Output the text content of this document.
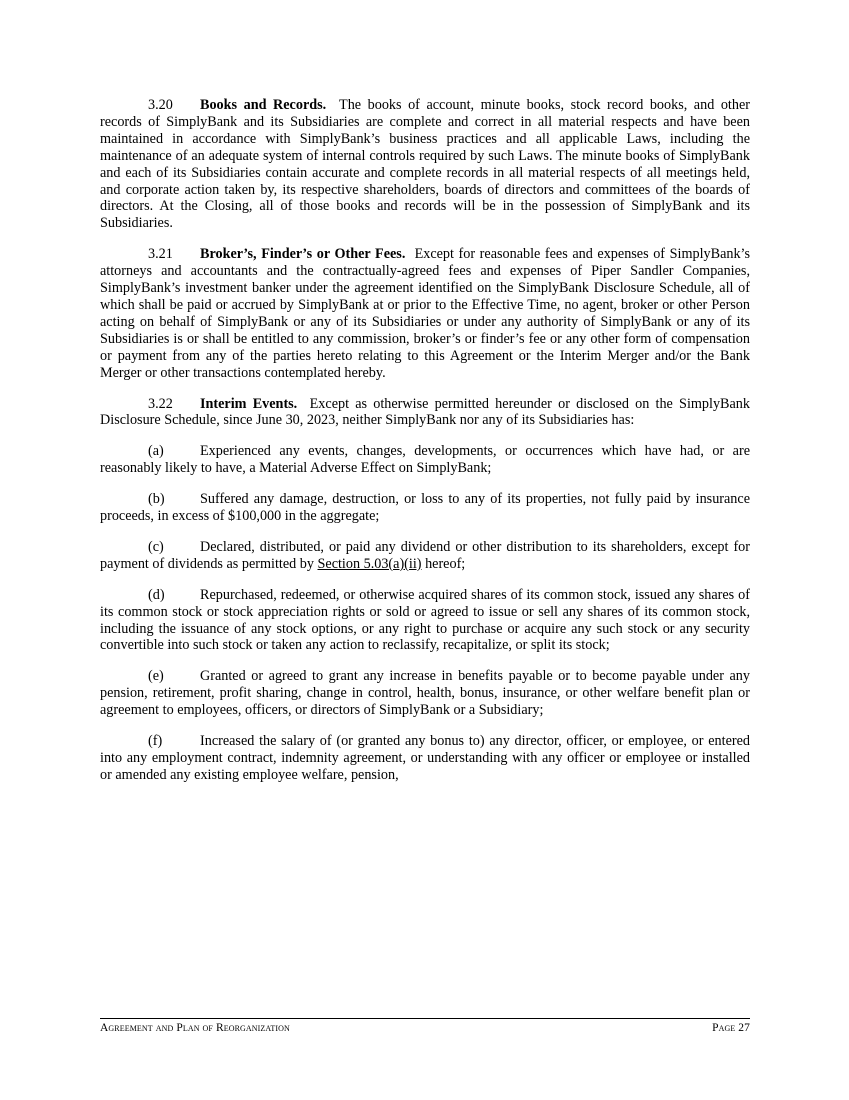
3.20 Books and Records. The books of account, minute books, stock record books, and other records of SimplyBank and its Subsidiaries are complete and correct in all material respects and have been maintained in accordance with SimplyBank’s business practices and all applicable Laws, including the maintenance of an adequate system of internal controls required by such Laws. The minute books of SimplyBank and each of its Subsidiaries contain accurate and complete records in all material respects of all meetings held, and corporate action taken by, its respective shareholders, boards of directors and committees of the boards of directors. At the Closing, all of those books and records will be in the possession of SimplyBank and its Subsidiaries.

3.21 Broker’s, Finder’s or Other Fees. Except for reasonable fees and expenses of SimplyBank’s attorneys and accountants and the contractually-agreed fees and expenses of Piper Sandler Companies, SimplyBank’s investment banker under the agreement identified on the SimplyBank Disclosure Schedule, all of which shall be paid or accrued by SimplyBank at or prior to the Effective Time, no agent, broker or other Person acting on behalf of SimplyBank or any of its Subsidiaries or under any authority of SimplyBank or any of its Subsidiaries is or shall be entitled to any commission, broker’s or finder’s fee or any other form of compensation or payment from any of the parties hereto relating to this Agreement or the Interim Merger and/or the Bank Merger or other transactions contemplated hereby.

3.22 Interim Events. Except as otherwise permitted hereunder or disclosed on the SimplyBank Disclosure Schedule, since June 30, 2023, neither SimplyBank nor any of its Subsidiaries has:

(a)	Experienced any events, changes, developments, or occurrences which have had, or are reasonably likely to have, a Material Adverse Effect on SimplyBank;

(b) Suffered any damage, destruction, or loss to any of its properties, not fully paid by insurance proceeds, in excess of $100,000 in the aggregate;

(c)	Declared, distributed, or paid any dividend or other distribution to its shareholders, except for payment of dividends as permitted by Section 5.03(a)(ii) hereof;

(d) Repurchased, redeemed, or otherwise acquired shares of its common stock, issued any shares of its common stock or stock appreciation rights or sold or agreed to issue or sell any shares of its common stock, including the issuance of any stock options, or any right to purchase or acquire any such stock or any security convertible into such stock or taken any action to reclassify, recapitalize, or split its stock;

(e)	Granted or agreed to grant any increase in benefits payable or to become payable under any pension, retirement, profit sharing, change in control, health, bonus, insurance, or other welfare benefit plan or agreement to employees, officers, or directors of SimplyBank or a Subsidiary;

(f)	Increased the salary of (or granted any bonus to) any director, officer, or employee, or entered into any employment contract, indemnity agreement, or understanding with any officer or employee or installed or amended any existing employee welfare, pension,

Agreement and Plan of Reorganization	Page 27
